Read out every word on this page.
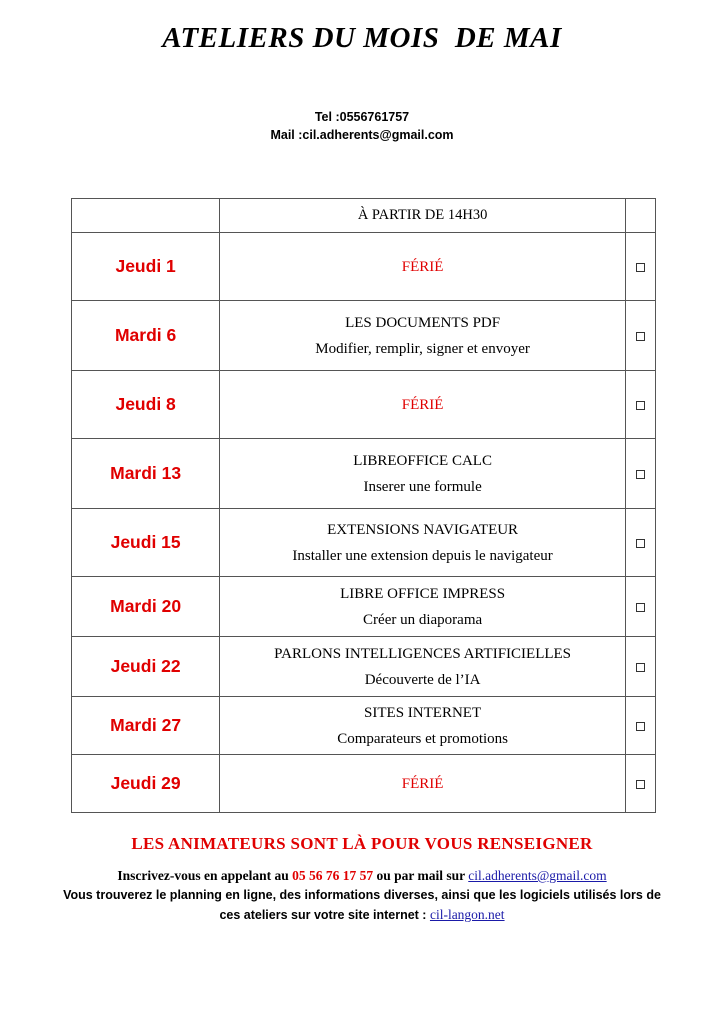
ATELIERS DU MOIS  DE MAI
Tel :0556761757
Mail :cil.adherents@gmail.com
	À PARTIR DE 14H30	
Jeudi 1	FÉRIÉ	

Mardi 6	LES DOCUMENTS PDF
Modifier, remplir, signer et envoyer	

Jeudi 8	FÉRIÉ	

Mardi 13	LIBREOFFICE CALC
Inserer une formule	

Jeudi 15	EXTENSIONS NAVIGATEUR
Installer une extension depuis le navigateur	

Mardi 20	LIBRE OFFICE IMPRESS
Créer un diaporama	

Jeudi 22	PARLONS INTELLIGENCES ARTIFICIELLES
Découverte de l’IA	

Mardi 27	SITES INTERNET
Comparateurs et promotions	

Jeudi 29	FÉRIÉ	

LES ANIMATEURS SONT LÀ POUR VOUS RENSEIGNER
Inscrivez-vous en appelant au 05 56 76 17 57 ou par mail sur cil.adherents@gmail.com
Vous trouverez le planning en ligne, des informations diverses, ainsi que les logiciels utilisés lors de ces ateliers sur votre site internet : cil-langon.net
